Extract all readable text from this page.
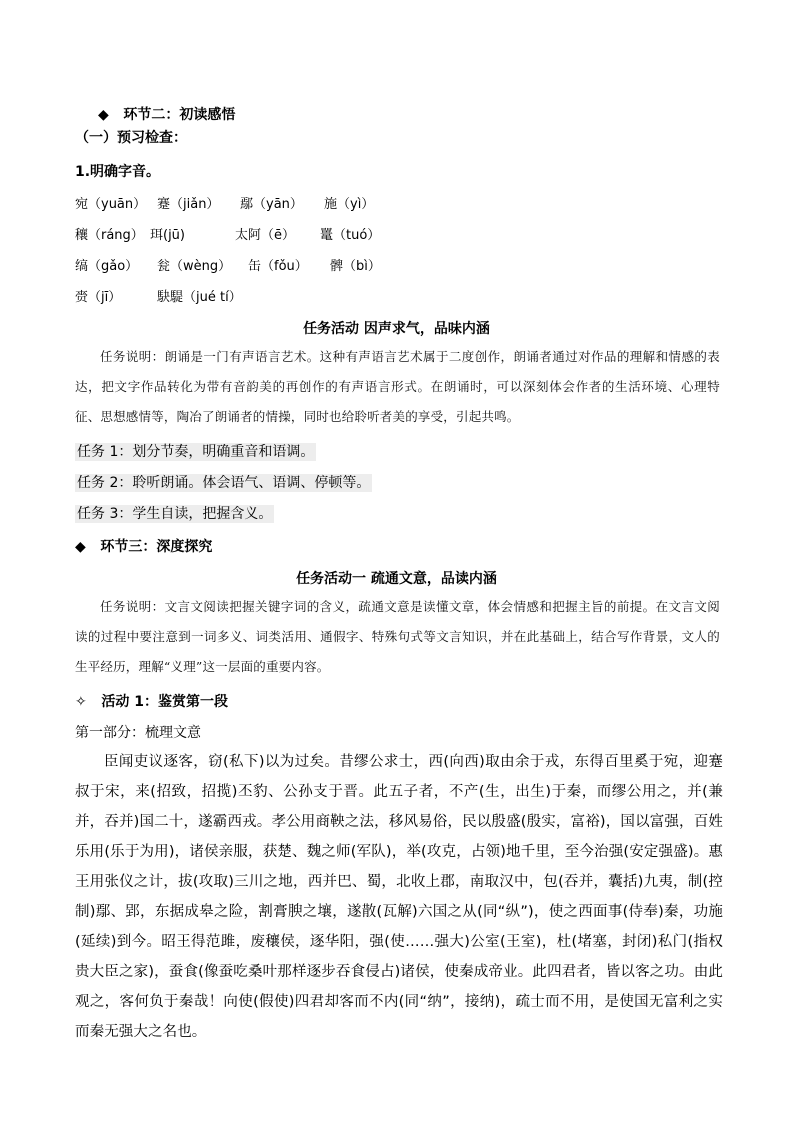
◆ 环节二：初读感悟
（一）预习检查：
1.明确字音。
宛（yuān） 蹇（jiǎn） 鄢（yān） 施（yì）
穰（ráng） 珥(jū)	太阿（ē） 鼍（tuó）
缟（gǎo） 瓮（wèng） 缶（fǒu） 髀（bì）
赍（jī）	駃騠（jué tí）
任务活动 因声求气，品味内涵
任务说明：朗诵是一门有声语言艺术。这种有声语言艺术属于二度创作，朗诵者通过对作品的理解和情感的表达，把文字作品转化为带有音韵美的再创作的有声语言形式。在朗诵时，可以深刻体会作者的生活环境、心理特征、思想感情等，陶冶了朗诵者的情操，同时也给聆听者美的享受，引起共鸣。
任务 1：划分节奏，明确重音和语调。
任务 2：聆听朗诵。体会语气、语调、停顿等。
任务 3：学生自读，把握含义。
◆ 环节三：深度探究
任务活动一 疏通文意，品读内涵
任务说明：文言文阅读把握关键字词的含义，疏通文意是读懂文章，体会情感和把握主旨的前提。在文言文阅读的过程中要注意到一词多义、词类活用、通假字、特殊句式等文言知识，并在此基础上，结合写作背景，文人的生平经历，理解“义理”这一层面的重要内容。
✧ 活动 1：鉴赏第一段
第一部分：梳理文意
臣闻吏议逐客，窃(私下)以为过矣。昔缪公求士，西(向西)取由余于戎，东得百里奚于宛，迎蹇叔于宋，来(招致，招揽)丕豹、公孙支于晋。此五子者，不产(生，出生)于秦，而缪公用之，并(兼并，吞并)国二十，遂霸西戎。孝公用商鞅之法，移风易俗，民以殷盛(殷实，富裕)，国以富强，百姓乐用(乐于为用)，诸侯亲服，获楚、魏之师(军队)，举(攻克，占领)地千里，至今治强(安定强盛)。惠王用张仪之计，拔(攻取)三川之地，西并巴、蜀，北收上郡，南取汉中，包(吞并，囊括)九夷，制(控制)鄢、郢，东据成皋之险，割膏腴之壤，遂散(瓦解)六国之从(同“纵”)，使之西面事(侍奉)秦，功施(延续)到今。昭王得范雎，废穰侯，逐华阳，强(使……强大)公室(王室)，杜(堵塞，封闭)私门(指权贵大臣之家)，蚕食(像蚕吃桑叶那样逐步吞食侵占)诸侯，使秦成帝业。此四君者，皆以客之功。由此观之，客何负于秦哉！向使(假使)四君却客而不内(同“纳”，接纳)，疏士而不用，是使国无富利之实而秦无强大之名也。
